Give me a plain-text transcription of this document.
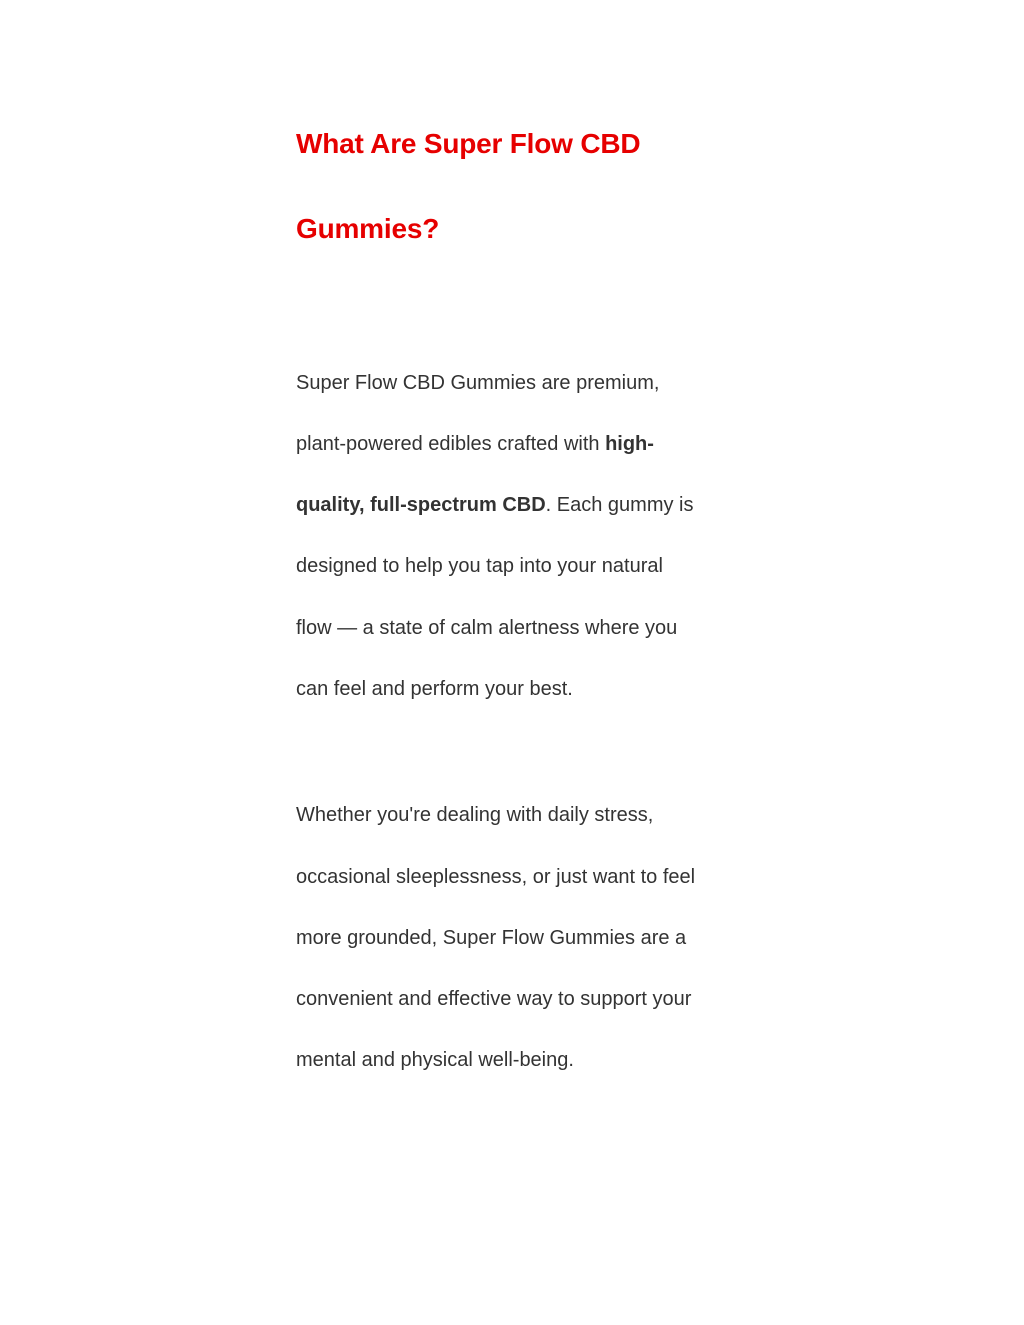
What Are Super Flow CBD
Gummies?
Super Flow CBD Gummies are premium,
plant-powered edibles crafted with high-
quality, full-spectrum CBD. Each gummy is
designed to help you tap into your natural
flow — a state of calm alertness where you
can feel and perform your best.
Whether you're dealing with daily stress,
occasional sleeplessness, or just want to feel
more grounded, Super Flow Gummies are a
convenient and effective way to support your
mental and physical well-being.
